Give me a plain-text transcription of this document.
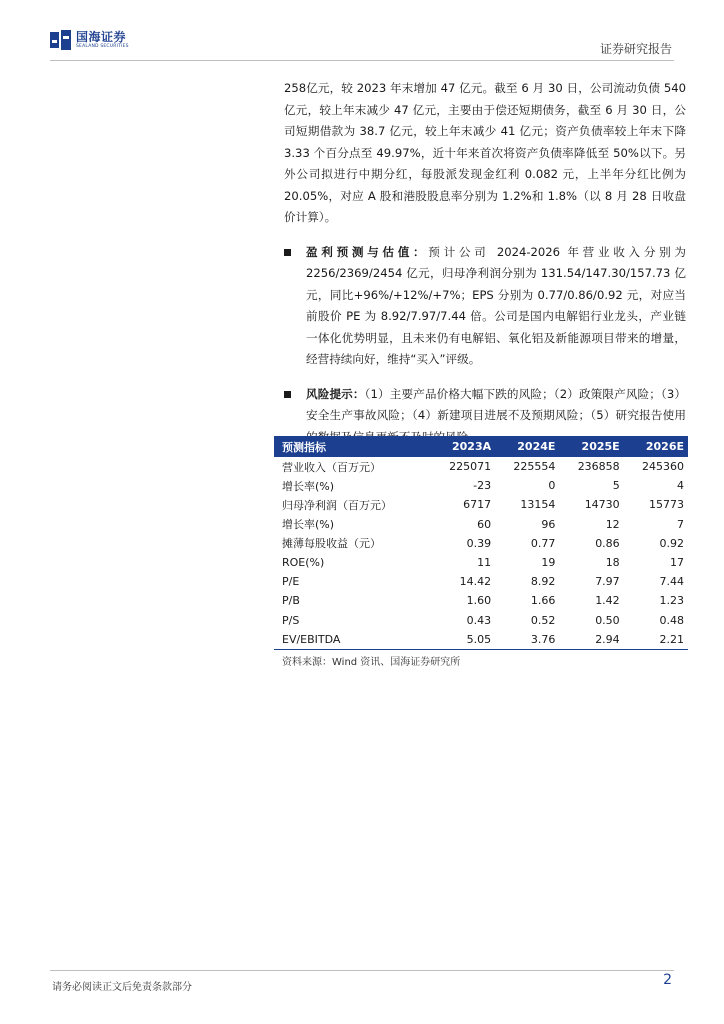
国海证券
SEALAND SECURITIES	证券研究报告

258亿元，较 2023 年末增加 47 亿元。截至 6 月 30 日，公司流动负债 540 亿元，较上年末减少 47 亿元，主要由于偿还短期债务，截至 6 月 30 日，公司短期借款为 38.7 亿元，较上年末减少 41 亿元；资产负债率较上年末下降 3.33 个百分点至 49.97%，近十年来首次将资产负债率降低至 50%以下。另外公司拟进行中期分红，每股派发现金红利 0.082 元，上半年分红比例为 20.05%，对应 A 股和港股股息率分别为 1.2%和 1.8%（以 8 月 28 日收盘价计算）。

盈利预测与估值：预计公司 2024-2026 年营业收入分别为 2256/2369/2454 亿元，归母净利润分别为 131.54/147.30/157.73 亿元，同比+96%/+12%/+7%；EPS 分别为 0.77/0.86/0.92 元，对应当前股价 PE 为 8.92/7.97/7.44 倍。公司是国内电解铝行业龙头，产业链一体化优势明显，且未来仍有电解铝、氧化铝及新能源项目带来的增量，经营持续向好，维持“买入”评级。
风险提示：（1）主要产品价格大幅下跌的风险；（2）政策限产风险；（3）安全生产事故风险；（4）新建项目进展不及预期风险；（5）研究报告使用
预测指标	2023A	2024E	2025E	2026E
营业收入（百万元）	225071	225554	236858	245360
增长率(%)	-23	0	5	4
归母净利润（百万元）	6717	13154	14730	15773
增长率(%)	60	96	12	7
摊薄每股收益（元）	0.39	0.77	0.86	0.92
ROE(%)	11	19	18	17
P/E	14.42	8.92	7.97	7.44
P/B	1.60	1.66	1.42	1.23
P/S	0.43	0.52	0.50	0.48
EV/EBITDA	5.05	3.76	2.94	2.21
资料来源：Wind 资讯、国海证券研究所
请务必阅读正文后免责条款部分	2
